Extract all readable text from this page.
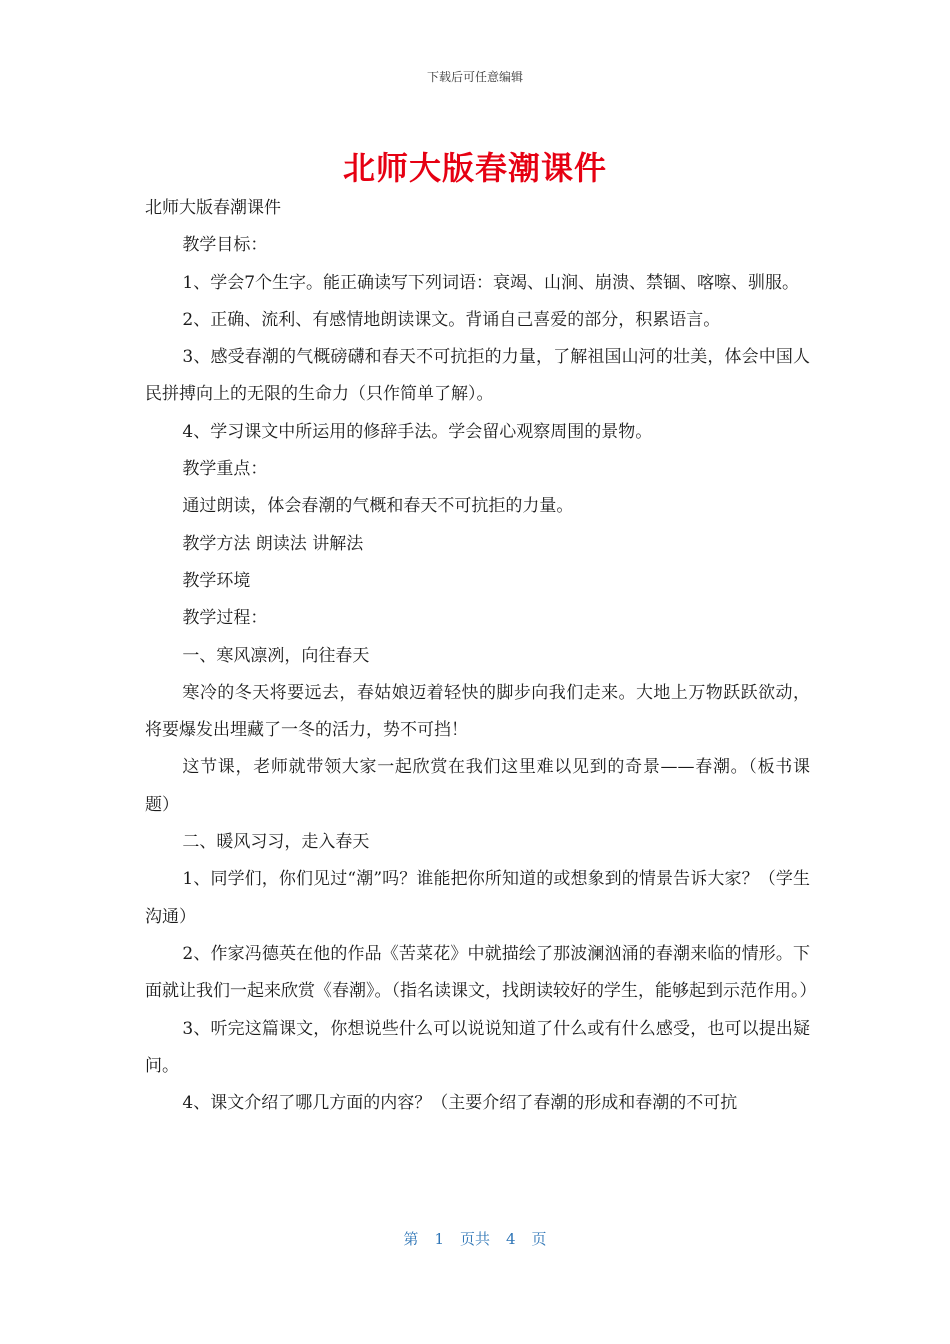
下载后可任意编辑
北师大版春潮课件

北师大版春潮课件

教学目标：

1、学会7个生字。能正确读写下列词语：衰竭、山涧、崩溃、禁锢、喀嚓、驯服。

2、正确、流利、有感情地朗读课文。背诵自己喜爱的部分，积累语言。

3、感受春潮的气概磅礴和春天不可抗拒的力量，了解祖国山河的壮美，体会中国人民拼搏向上的无限的生命力（只作简单了解）。

4、学习课文中所运用的修辞手法。学会留心观察周围的景物。

教学重点：

通过朗读，体会春潮的气概和春天不可抗拒的力量。

教学方法 朗读法 讲解法

教学环境

教学过程：

一、寒风凛冽，向往春天

寒冷的冬天将要远去，春姑娘迈着轻快的脚步向我们走来。大地上万物跃跃欲动，将要爆发出埋藏了一冬的活力，势不可挡！

这节课，老师就带领大家一起欣赏在我们这里难以见到的奇景——春潮。（板书课题）

二、暖风习习，走入春天

1、同学们，你们见过“潮”吗？谁能把你所知道的或想象到的情景告诉大家？（学生沟通）

2、作家冯德英在他的作品《苦菜花》中就描绘了那波澜汹涌的春潮来临的情形。下面就让我们一起来欣赏《春潮》。（指名读课文，找朗读较好的学生，能够起到示范作用。）

3、听完这篇课文，你想说些什么可以说说知道了什么或有什么感受，也可以提出疑问。

4、课文介绍了哪几方面的内容？（主要介绍了春潮的形成和春潮的不可抗

第 1 页共 4 页
